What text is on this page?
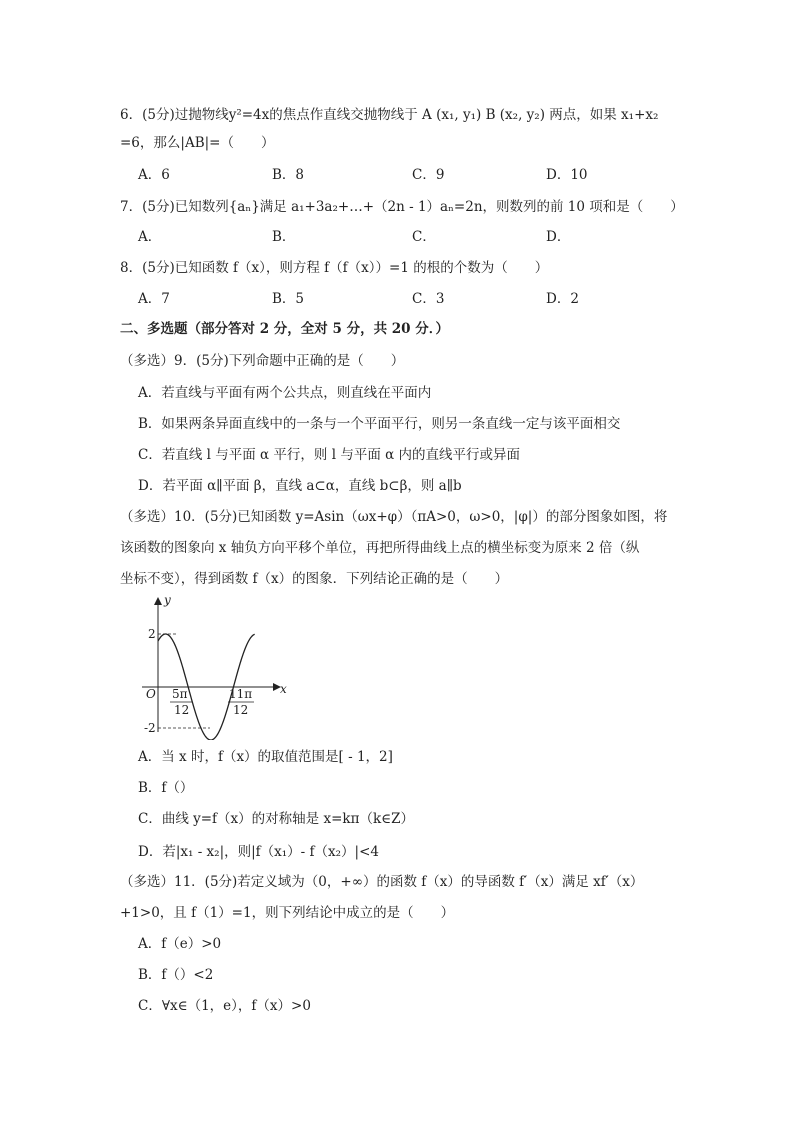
6．(5分)过抛物线y²=4x的焦点作直线交抛物线于 A (x₁, y₁) B (x₂, y₂) 两点，如果 x₁+x₂
=6，那么|AB|=（　　）
A．6	B．8	C．9	D．10
7．(5分)已知数列{aₙ}满足 a₁+3a₂+…+（2n - 1）aₙ=2n，则数列的前 10 项和是（　　）
A．	B．	C．	D．
8．(5分)已知函数 f（x），则方程 f（f（x））=1 的根的个数为（　　）
A．7	B．5	C．3	D．2
二、多选题（部分答对 2 分，全对 5 分，共 20 分．）
（多选）9．(5分)下列命题中正确的是（　　）
A．若直线与平面有两个公共点，则直线在平面内
B．如果两条异面直线中的一条与一个平面平行，则另一条直线一定与该平面相交
C．若直线 l 与平面 α 平行，则 l 与平面 α 内的直线平行或异面
D．若平面 α∥平面 β，直线 a⊂α，直线 b⊂β，则 a∥b
（多选）10．(5分)已知函数 y=Asin（ωx+φ）（πA>0，ω>0，|φ|）的部分图象如图，将
该函数的图象向 x 轴负方向平移个单位，再把所得曲线上点的横坐标变为原来 2 倍（纵
坐标不变），得到函数 f（x）的图象．下列结论正确的是（　　）
y
x
O
2
-2
5π
12
11π
12
A．当 x 时，f（x）的取值范围是[ - 1，2]
B．f（）
C．曲线 y=f（x）的对称轴是 x=kπ（k∈Z）
D．若|x₁ - x₂|，则|f（x₁）- f（x₂）|<4
（多选）11．(5分)若定义域为（0，+∞）的函数 f（x）的导函数 f′（x）满足 xf′（x）
+1>0，且 f（1）=1，则下列结论中成立的是（　　）
A．f（e）>0
B．f（）<2
C．∀x∈（1，e），f（x）>0
